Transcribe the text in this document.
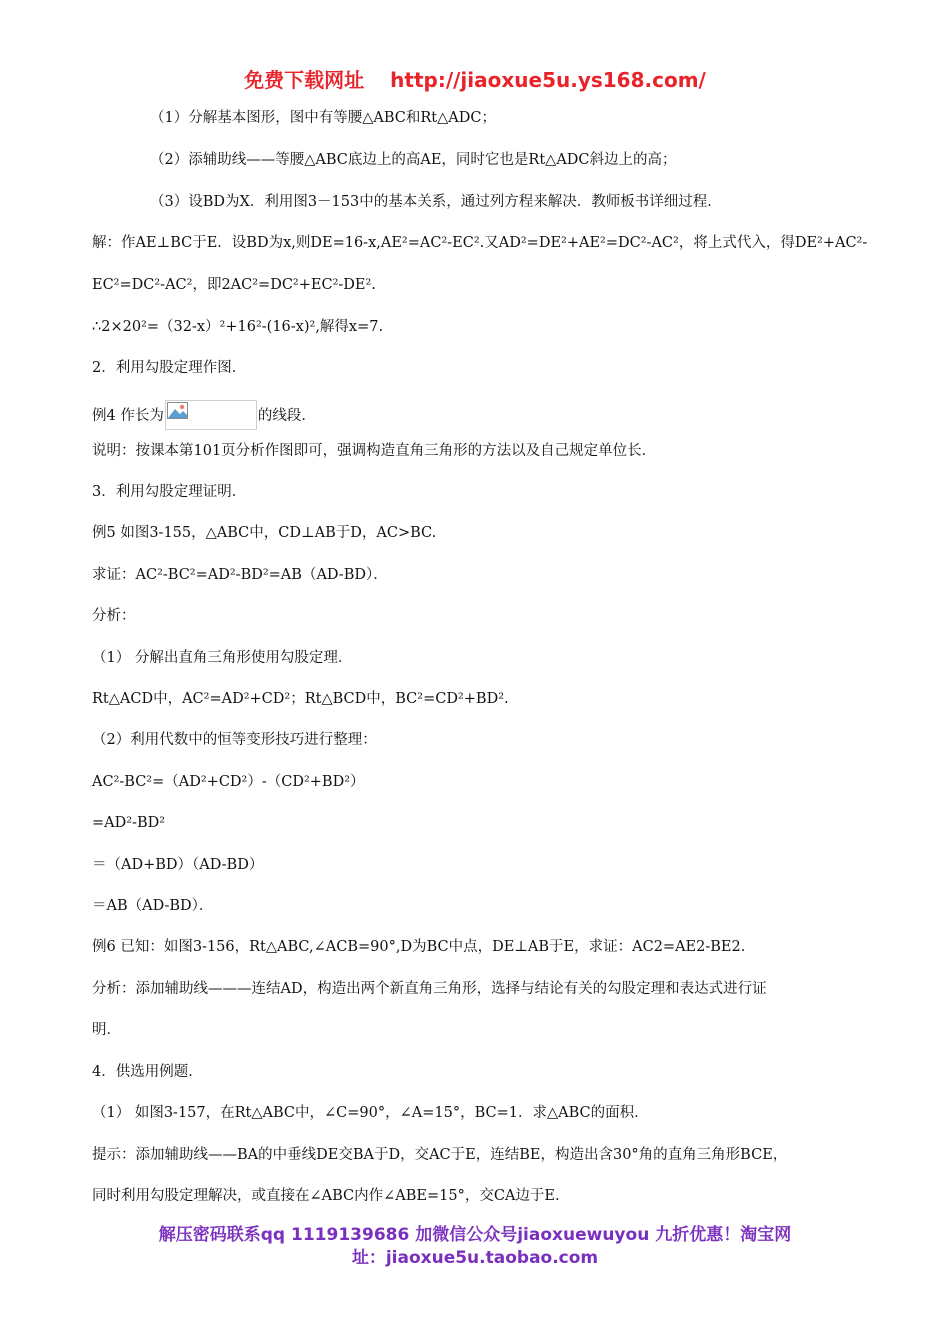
免费下载网址 http://jiaoxue5u.ys168.com/
（1）分解基本图形，图中有等腰△ABC和Rt△ADC；
（2）添辅助线——等腰△ABC底边上的高AE，同时它也是Rt△ADC斜边上的高；
（3）设BD为X．利用图3－153中的基本关系，通过列方程来解决．教师板书详细过程．
解：作AE⊥BC于E．设BD为x,则DE=16-x,AE²=AC²-EC².又AD²=DE²+AE²=DC²-AC²，将上式代入，得DE²+AC²-
EC²=DC²-AC²，即2AC²=DC²+EC²-DE².
∴2×20²=（32-x）²+16²-(16-x)²,解得x=7.
2．利用勾股定理作图．
例4 作长为	的线段．
说明：按课本第101页分析作图即可，强调构造直角三角形的方法以及自己规定单位长．
3．利用勾股定理证明．
例5 如图3-155，△ABC中，CD⊥AB于D，AC>BC.
求证：AC²-BC²=AD²-BD²=AB（AD-BD）．
分析：
（1） 分解出直角三角形使用勾股定理．
Rt△ACD中，AC²=AD²+CD²；Rt△BCD中，BC²=CD²+BD².
（2）利用代数中的恒等变形技巧进行整理：
AC²-BC²=（AD²+CD²）-（CD²+BD²）
=AD²-BD²
＝（AD+BD）（AD-BD）
＝AB（AD-BD）．
例6 已知：如图3-156，Rt△ABC,∠ACB=90°,D为BC中点，DE⊥AB于E，求证：AC2=AE2-BE2.
分析：添加辅助线———连结AD，构造出两个新直角三角形，选择与结论有关的勾股定理和表达式进行证
明．
4．供选用例题．
（1） 如图3-157，在Rt△ABC中，∠C=90°，∠A=15°，BC=1．求△ABC的面积．
提示：添加辅助线——BA的中垂线DE交BA于D，交AC于E，连结BE，构造出含30°角的直角三角形BCE，
同时利用勾股定理解决，或直接在∠ABC内作∠ABE=15°，交CA边于E.
解压密码联系qq 1119139686 加微信公众号jiaoxuewuyou 九折优惠！淘宝网
址：jiaoxue5u.taobao.com
